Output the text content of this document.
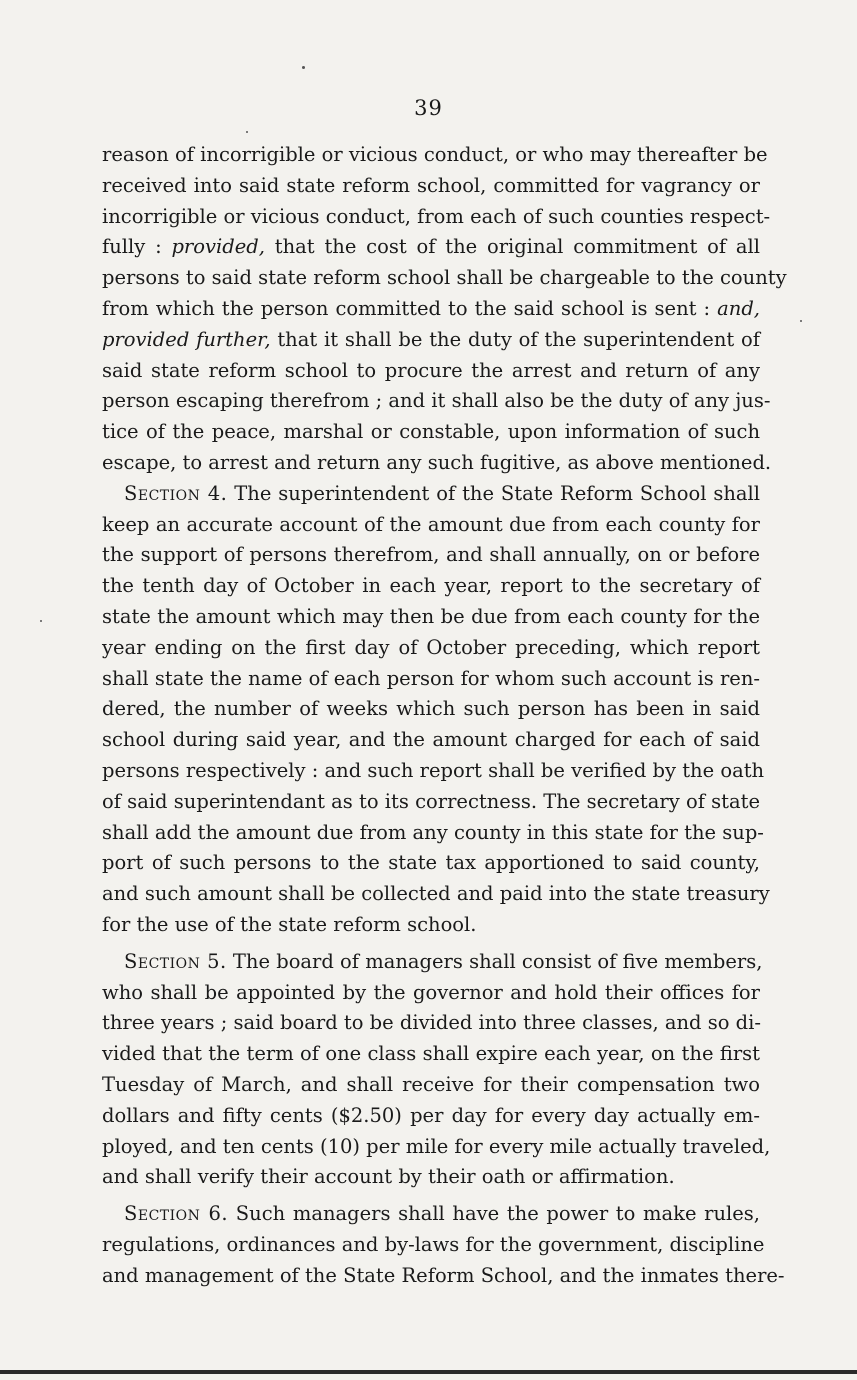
39
reason of incorrigible or vicious conduct, or who may thereafter be
received into said state reform school, committed for vagrancy or
incorrigible or vicious conduct, from each of such counties respect-
fully : provided, that the cost of the original commitment of all
persons to said state reform school shall be chargeable to the county
from which the person committed to the said school is sent : and,
provided further, that it shall be the duty of the superintendent of
said state reform school to procure the arrest and return of any
person escaping therefrom ; and it shall also be the duty of any jus-
tice of the peace, marshal or constable, upon information of such
escape, to arrest and return any such fugitive, as above mentioned.
Section 4. The superintendent of the State Reform School shall
keep an accurate account of the amount due from each county for
the support of persons therefrom, and shall annually, on or before
the tenth day of October in each year, report to the secretary of
state the amount which may then be due from each county for the
year ending on the first day of October preceding, which report
shall state the name of each person for whom such account is ren-
dered, the number of weeks which such person has been in said
school during said year, and the amount charged for each of said
persons respectively : and such report shall be verified by the oath
of said superintendant as to its correctness. The secretary of state
shall add the amount due from any county in this state for the sup-
port of such persons to the state tax apportioned to said county,
and such amount shall be collected and paid into the state treasury
for the use of the state reform school.
Section 5. The board of managers shall consist of five members,
who shall be appointed by the governor and hold their offices for
three years ; said board to be divided into three classes, and so di-
vided that the term of one class shall expire each year, on the first
Tuesday of March, and shall receive for their compensation two
dollars and fifty cents ($2.50) per day for every day actually em-
ployed, and ten cents (10) per mile for every mile actually traveled,
and shall verify their account by their oath or affirmation.
Section 6. Such managers shall have the power to make rules,
regulations, ordinances and by-laws for the government, discipline
and management of the State Reform School, and the inmates there-
